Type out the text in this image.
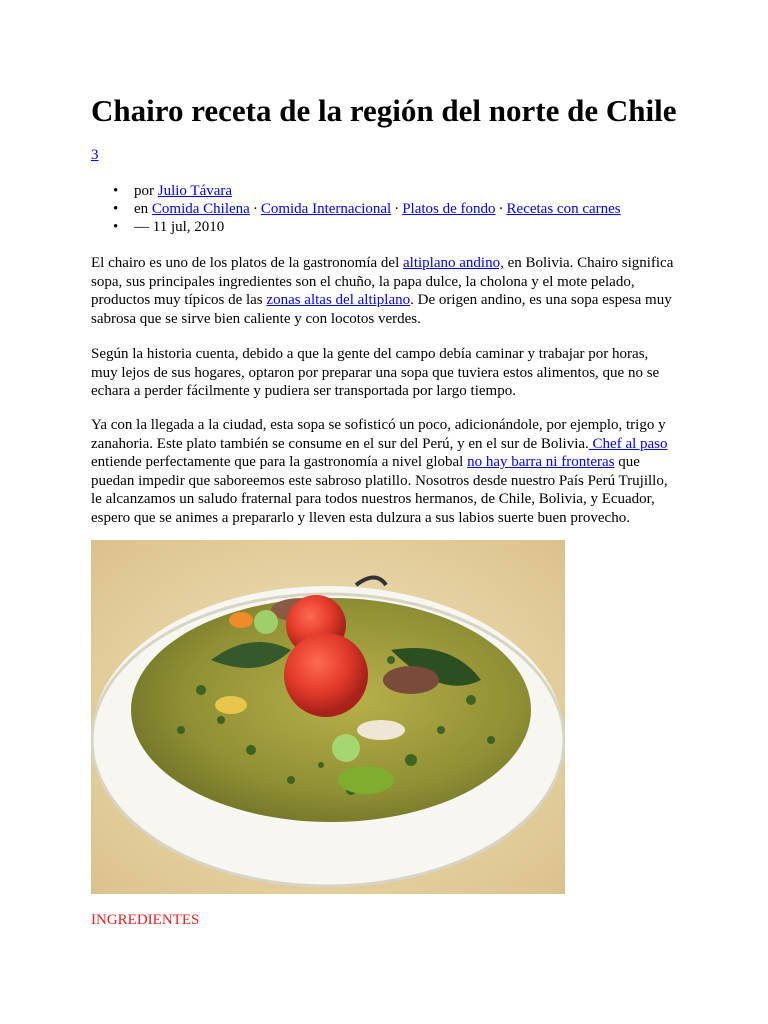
Chairo receta de la región del norte de Chile
3
• por Julio Távara
• en Comida Chilena · Comida Internacional · Platos de fondo · Recetas con carnes
• — 11 jul, 2010

El chairo es uno de los platos de la gastronomía del altiplano andino, en Bolivia. Chairo significa
sopa, sus principales ingredientes son el chuño, la papa dulce, la cholona y el mote pelado,
productos muy típicos de las zonas altas del altiplano. De origen andino, es una sopa espesa muy
sabrosa que se sirve bien caliente y con locotos verdes.

Según la historia cuenta, debido a que la gente del campo debía caminar y trabajar por horas,
muy lejos de sus hogares, optaron por preparar una sopa que tuviera estos alimentos, que no se
echara a perder fácilmente y pudiera ser transportada por largo tiempo.

Ya con la llegada a la ciudad, esta sopa se sofisticó un poco, adicionándole, por ejemplo, trigo y
zanahoria. Este plato también se consume en el sur del Perú, y en el sur de Bolivia. Chef al paso
entiende perfectamente que para la gastronomía a nivel global no hay barra ni fronteras que
puedan impedir que saboreemos este sabroso platillo. Nosotros desde nuestro País Perú Trujillo,
le alcanzamos un saludo fraternal para todos nuestros hermanos, de Chile, Bolivia, y Ecuador,
espero que se animes a prepararlo y lleven esta dulzura a sus labios suerte buen provecho.

INGREDIENTES
